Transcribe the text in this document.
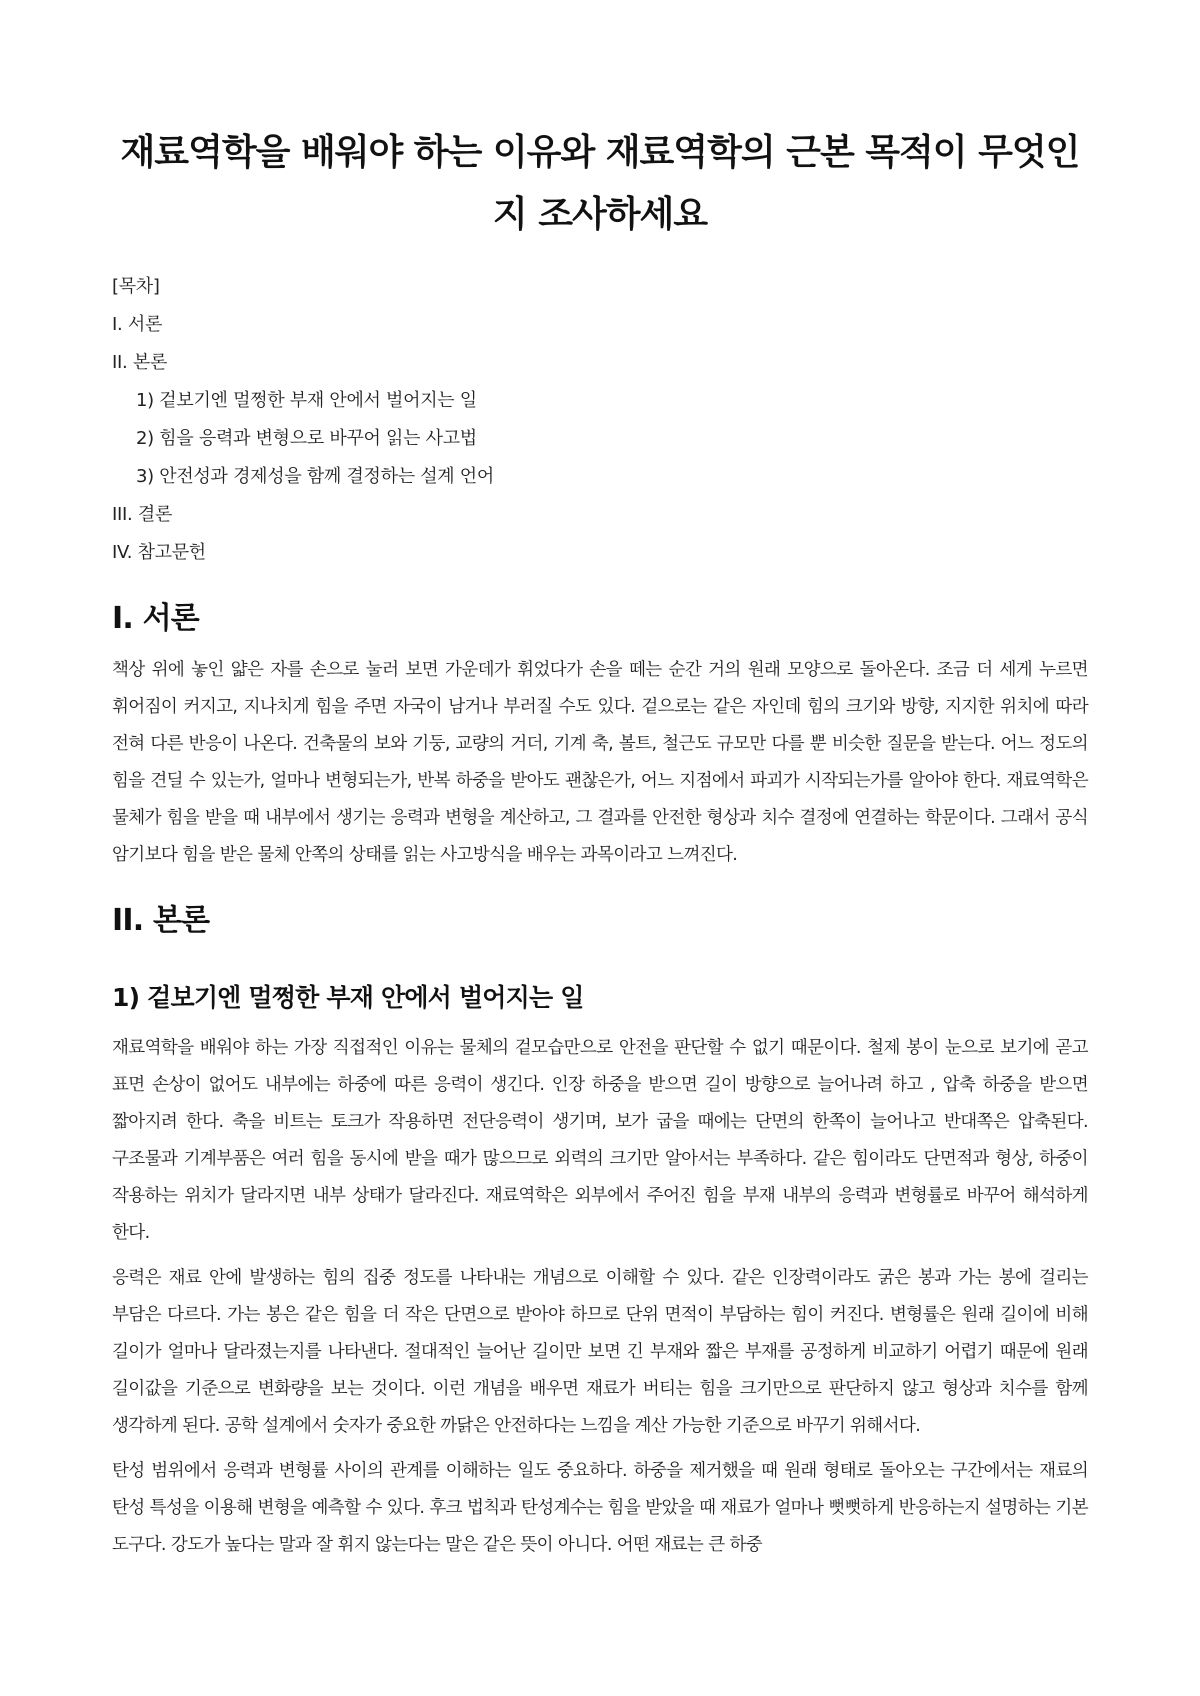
재료역학을 배워야 하는 이유와 재료역학의 근본 목적이 무엇인지 조사하세요
[목차]
I. 서론
II. 본론
1) 겉보기엔 멀쩡한 부재 안에서 벌어지는 일
2) 힘을 응력과 변형으로 바꾸어 읽는 사고법
3) 안전성과 경제성을 함께 결정하는 설계 언어
III. 결론
IV. 참고문헌
I. 서론

책상 위에 놓인 얇은 자를 손으로 눌러 보면 가운데가 휘었다가 손을 떼는 순간 거의 원래 모양으로 돌아온다. 조금 더 세게 누르면 휘어짐이 커지고, 지나치게 힘을 주면 자국이 남거나 부러질 수도 있다. 겉으로는 같은 자인데 힘의 크기와 방향, 지지한 위치에 따라 전혀 다른 반응이 나온다. 건축물의 보와 기둥, 교량의 거더, 기계 축, 볼트, 철근도 규모만 다를 뿐 비슷한 질문을 받는다. 어느 정도의 힘을 견딜 수 있는가, 얼마나 변형되는가, 반복 하중을 받아도 괜찮은가, 어느 지점에서 파괴가 시작되는가를 알아야 한다. 재료역학은 물체가 힘을 받을 때 내부에서 생기는 응력과 변형을 계산하고, 그 결과를 안전한 형상과 치수 결정에 연결하는 학문이다. 그래서 공식 암기보다 힘을 받은 물체 안쪽의 상태를 읽는 사고방식을 배우는 과목이라고 느껴진다.

II. 본론
1) 겉보기엔 멀쩡한 부재 안에서 벌어지는 일

재료역학을 배워야 하는 가장 직접적인 이유는 물체의 겉모습만으로 안전을 판단할 수 없기 때문이다. 철제 봉이 눈으로 보기에 곧고 표면 손상이 없어도 내부에는 하중에 따른 응력이 생긴다. 인장 하중을 받으면 길이 방향으로 늘어나려 하고 , 압축 하중을 받으면 짧아지려 한다. 축을 비트는 토크가 작용하면 전단응력이 생기며, 보가 굽을 때에는 단면의 한쪽이 늘어나고 반대쪽은 압축된다. 구조물과 기계부품은 여러 힘을 동시에 받을 때가 많으므로 외력의 크기만 알아서는 부족하다. 같은 힘이라도 단면적과 형상, 하중이 작용하는 위치가 달라지면 내부 상태가 달라진다. 재료역학은 외부에서 주어진 힘을 부재 내부의 응력과 변형률로 바꾸어 해석하게 한다.

응력은 재료 안에 발생하는 힘의 집중 정도를 나타내는 개념으로 이해할 수 있다. 같은 인장력이라도 굵은 봉과 가는 봉에 걸리는 부담은 다르다. 가는 봉은 같은 힘을 더 작은 단면으로 받아야 하므로 단위 면적이 부담하는 힘이 커진다. 변형률은 원래 길이에 비해 길이가 얼마나 달라졌는지를 나타낸다. 절대적인 늘어난 길이만 보면 긴 부재와 짧은 부재를 공정하게 비교하기 어렵기 때문에 원래 길이값을 기준으로 변화량을 보는 것이다. 이런 개념을 배우면 재료가 버티는 힘을 크기만으로 판단하지 않고 형상과 치수를 함께 생각하게 된다. 공학 설계에서 숫자가 중요한 까닭은 안전하다는 느낌을 계산 가능한 기준으로 바꾸기 위해서다.

탄성 범위에서 응력과 변형률 사이의 관계를 이해하는 일도 중요하다. 하중을 제거했을 때 원래 형태로 돌아오는 구간에서는 재료의 탄성 특성을 이용해 변형을 예측할 수 있다. 후크 법칙과 탄성계수는 힘을 받았을 때 재료가 얼마나 뻣뻣하게 반응하는지 설명하는 기본 도구다. 강도가 높다는 말과 잘 휘지 않는다는 말은 같은 뜻이 아니다. 어떤 재료는 큰 하중
